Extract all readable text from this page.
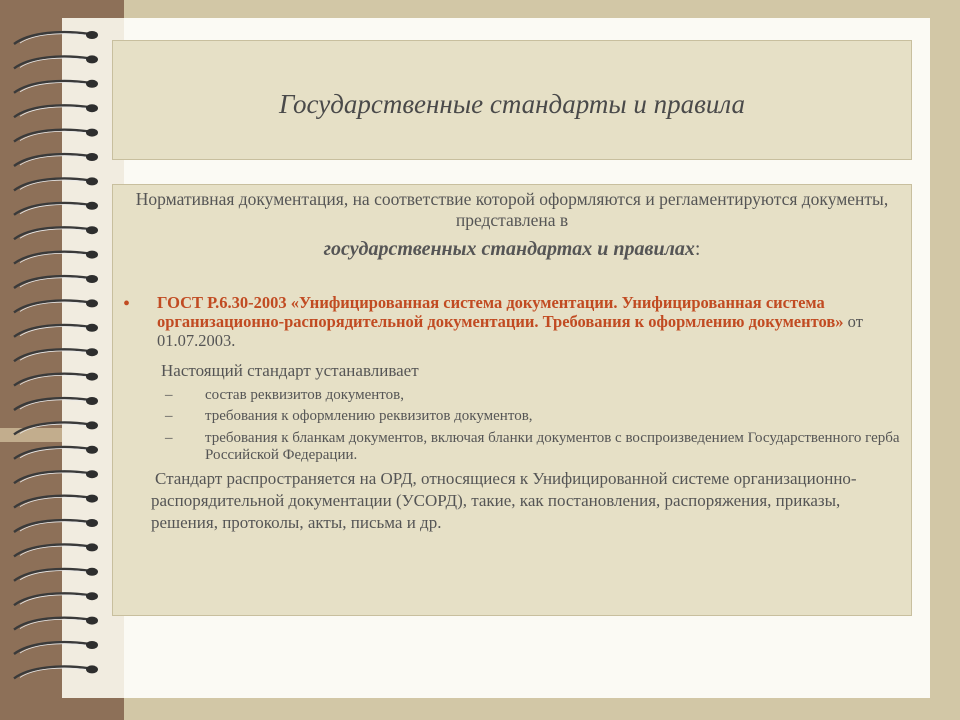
Государственные стандарты и правила
Нормативная документация, на соответствие которой оформляются и регламентируются документы, представлена в
государственных стандартах и правилах:
• ГОСТ Р.6.30-2003 «Унифицированная система документации. Унифицированная система организационно-распорядительной документации. Требования к оформлению документов» от 01.07.2003.
Настоящий стандарт устанавливает
– состав реквизитов документов,
– требования к оформлению реквизитов документов,
– требования к бланкам документов, включая бланки документов с воспроизведением Государственного герба Российской Федерации.
Стандарт распространяется на ОРД, относящиеся к Унифицированной системе организационно-распорядительной документации (УСОРД), такие, как постановления, распоряжения, приказы, решения, протоколы, акты, письма и др.
